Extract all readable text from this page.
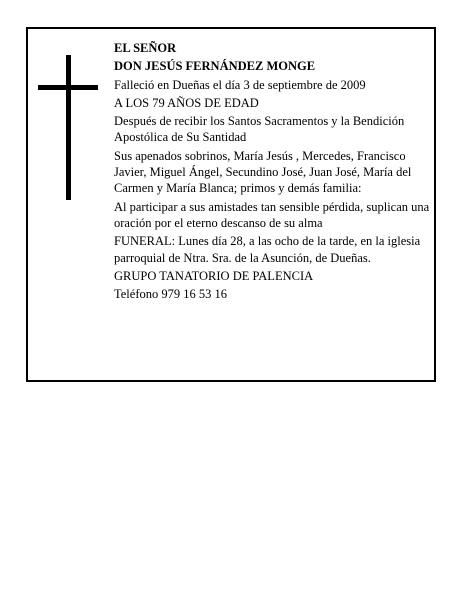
EL SEÑOR

DON JESÚS FERNÁNDEZ MONGE

Falleció en Dueñas el día 3 de septiembre de 2009

A LOS 79 AÑOS DE EDAD

Después de recibir los Santos Sacramentos y la Bendición Apostólica de Su Santidad

Sus apenados sobrinos, María Jesús , Mercedes, Francisco Javier, Miguel Ángel, Secundino José, Juan José, María del Carmen y María Blanca; primos y demás familia:

Al participar a sus amistades tan sensible pérdida, suplican una oración por el eterno descanso de su alma

FUNERAL: Lunes día 28, a las ocho de la tarde, en la iglesia parroquial de Ntra. Sra. de la Asunción, de Dueñas.

GRUPO TANATORIO DE PALENCIA

Teléfono 979 16 53 16
